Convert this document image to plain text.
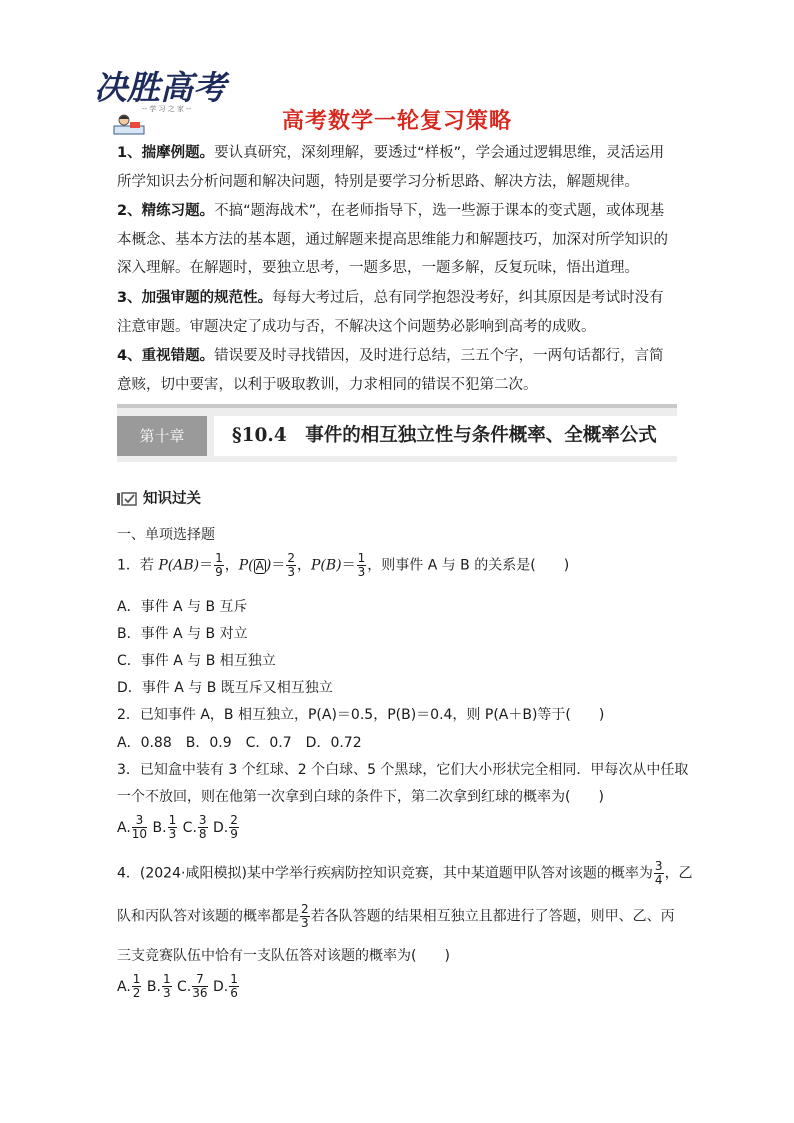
决胜高考
-- 学 习 之 家 --	高考数学一轮复习策略
1、揣摩例题。要认真研究，深刻理解，要透过“样板”，学会通过逻辑思维，灵活运用所学知识去分析问题和解决问题，特别是要学习分析思路、解决方法，解题规律。
2、精练习题。不搞“题海战术”，在老师指导下，选一些源于课本的变式题，或体现基本概念、基本方法的基本题，通过解题来提高思维能力和解题技巧，加深对所学知识的深入理解。在解题时，要独立思考，一题多思，一题多解，反复玩味，悟出道理。
3、加强审题的规范性。每每大考过后，总有同学抱怨没考好，纠其原因是考试时没有注意审题。审题决定了成功与否，不解决这个问题势必影响到高考的成败。
4、重视错题。错误要及时寻找错因，及时进行总结，三五个字，一两句话都行，言简意赅，切中要害，以利于吸取教训，力求相同的错误不犯第二次。
第十章	§10.4　事件的相互独立性与条件概率、全概率公式
知识过关
一、单项选择题
1．若 $P(AB)= \frac{1}{9}$ ，P( A )＝ $\frac{2}{3}$ ，$P(B)= \frac{1}{3}$ ，则事件 A 与 B 的关系是(　　)
A．事件 A 与 B 互斥
B．事件 A 与 B 对立
C．事件 A 与 B 相互独立
D．事件 A 与 B 既互斥又相互独立
2．已知事件 A，B 相互独立，P(A)＝0.5，P(B)＝0.4，则 P(A＋B)等于(　　)
A．0.88　B．0.9　C．0.7　D．0.72
3．已知盒中装有 3 个红球、2 个白球、5 个黑球，它们大小形状完全相同．甲每次从中任取
一个不放回，则在他第一次拿到白球的条件下，第二次拿到红球的概率为(　　)
A. $\frac{3}{10} B$. $\frac{1}{3} C$. $\frac{3}{8} D$. $\frac{2}{9}$
4．(2024·咸阳模拟)某中学举行疾病防控知识竞赛，其中某道题甲队答对该题的概率为 $\frac{3}{4}$ ，乙
队和丙队答对该题的概率都是 $\frac{2}{3}$ 若各队答题的结果相互独立且都进行了答题，则甲、乙、丙
三支竞赛队伍中恰有一支队伍答对该题的概率为(　　)
A. $\frac{1}{2} B$. $\frac{1}{3} C$. $\frac{7}{36} D$. $\frac{1}{6}$
